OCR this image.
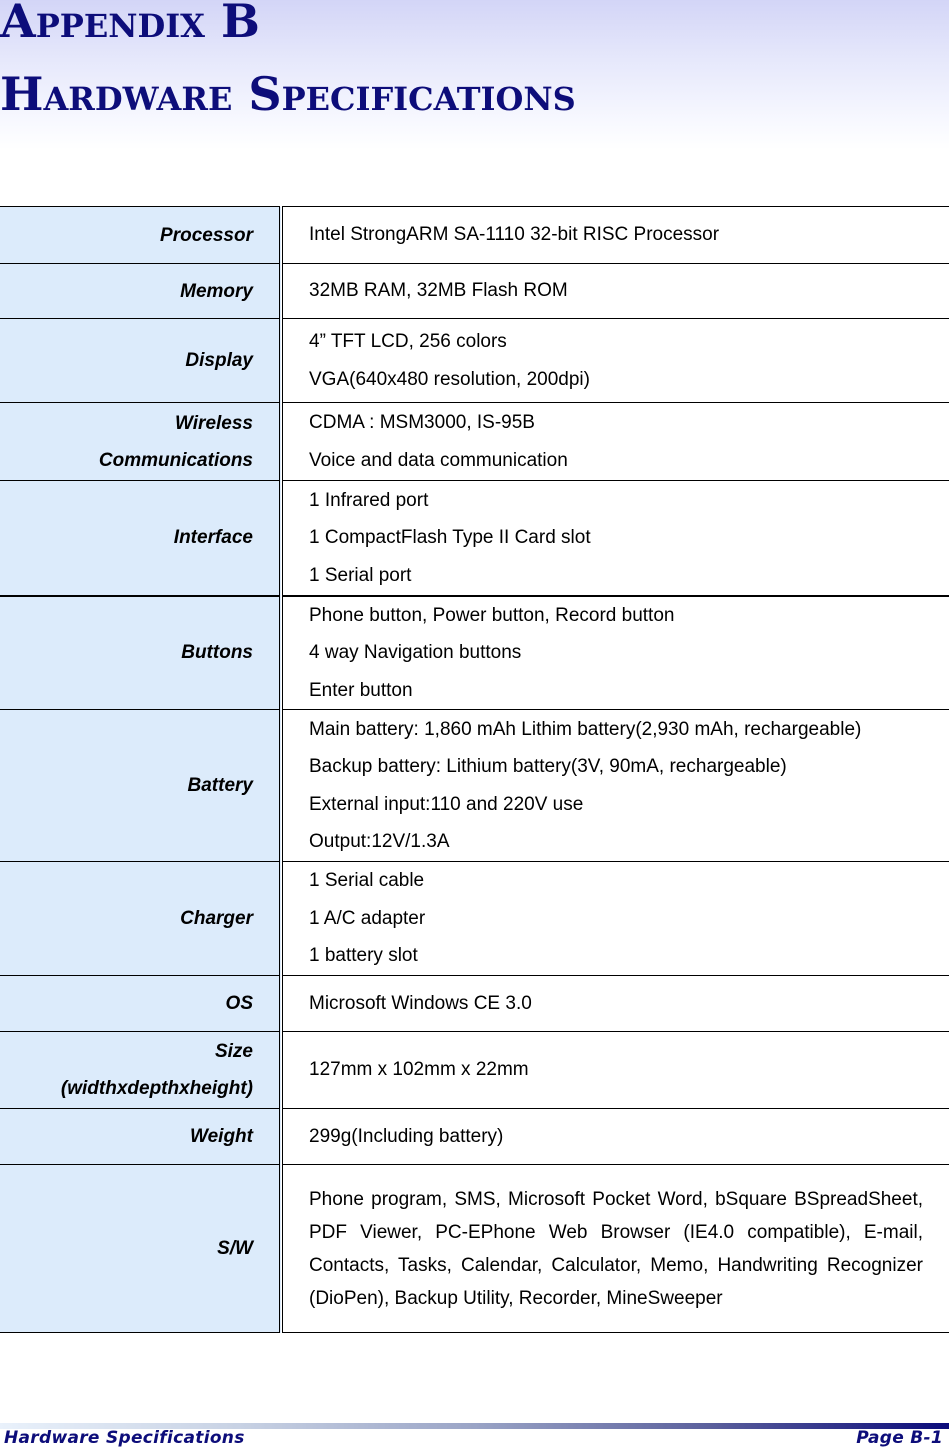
Appendix B
Hardware Specifications
Processor	Intel StrongARM SA-1110 32-bit RISC Processor

Memory	32MB RAM, 32MB Flash ROM

Display	4” TFT LCD, 256 colors
VGA(640x480 resolution, 200dpi)

Wireless
Communications	CDMA : MSM3000, IS-95B
Voice and data communication

Interface	1 Infrared port
1 CompactFlash Type II Card slot
1 Serial port

Buttons	Phone button, Power button, Record button
4 way Navigation buttons
Enter button

Battery	Main battery: 1,860 mAh Lithim battery(2,930 mAh, rechargeable)
Backup battery: Lithium battery(3V, 90mA, rechargeable)
External input:110 and 220V use
Output:12V/1.3A

Charger	1 Serial cable
1 A/C adapter
1 battery slot

OS	Microsoft Windows CE 3.0

Size
(widthxdepthxheight)	127mm x 102mm x 22mm

Weight	299g(Including battery)

S/W	Phone program, SMS, Microsoft Pocket Word, bSquare BSpreadSheet, PDF Viewer, PC-EPhone Web Browser (IE4.0 compatible), E-mail, Contacts, Tasks, Calendar, Calculator, Memo, Handwriting Recognizer (DioPen), Backup Utility, Recorder, MineSweeper
Hardware Specifications	Page B-1
